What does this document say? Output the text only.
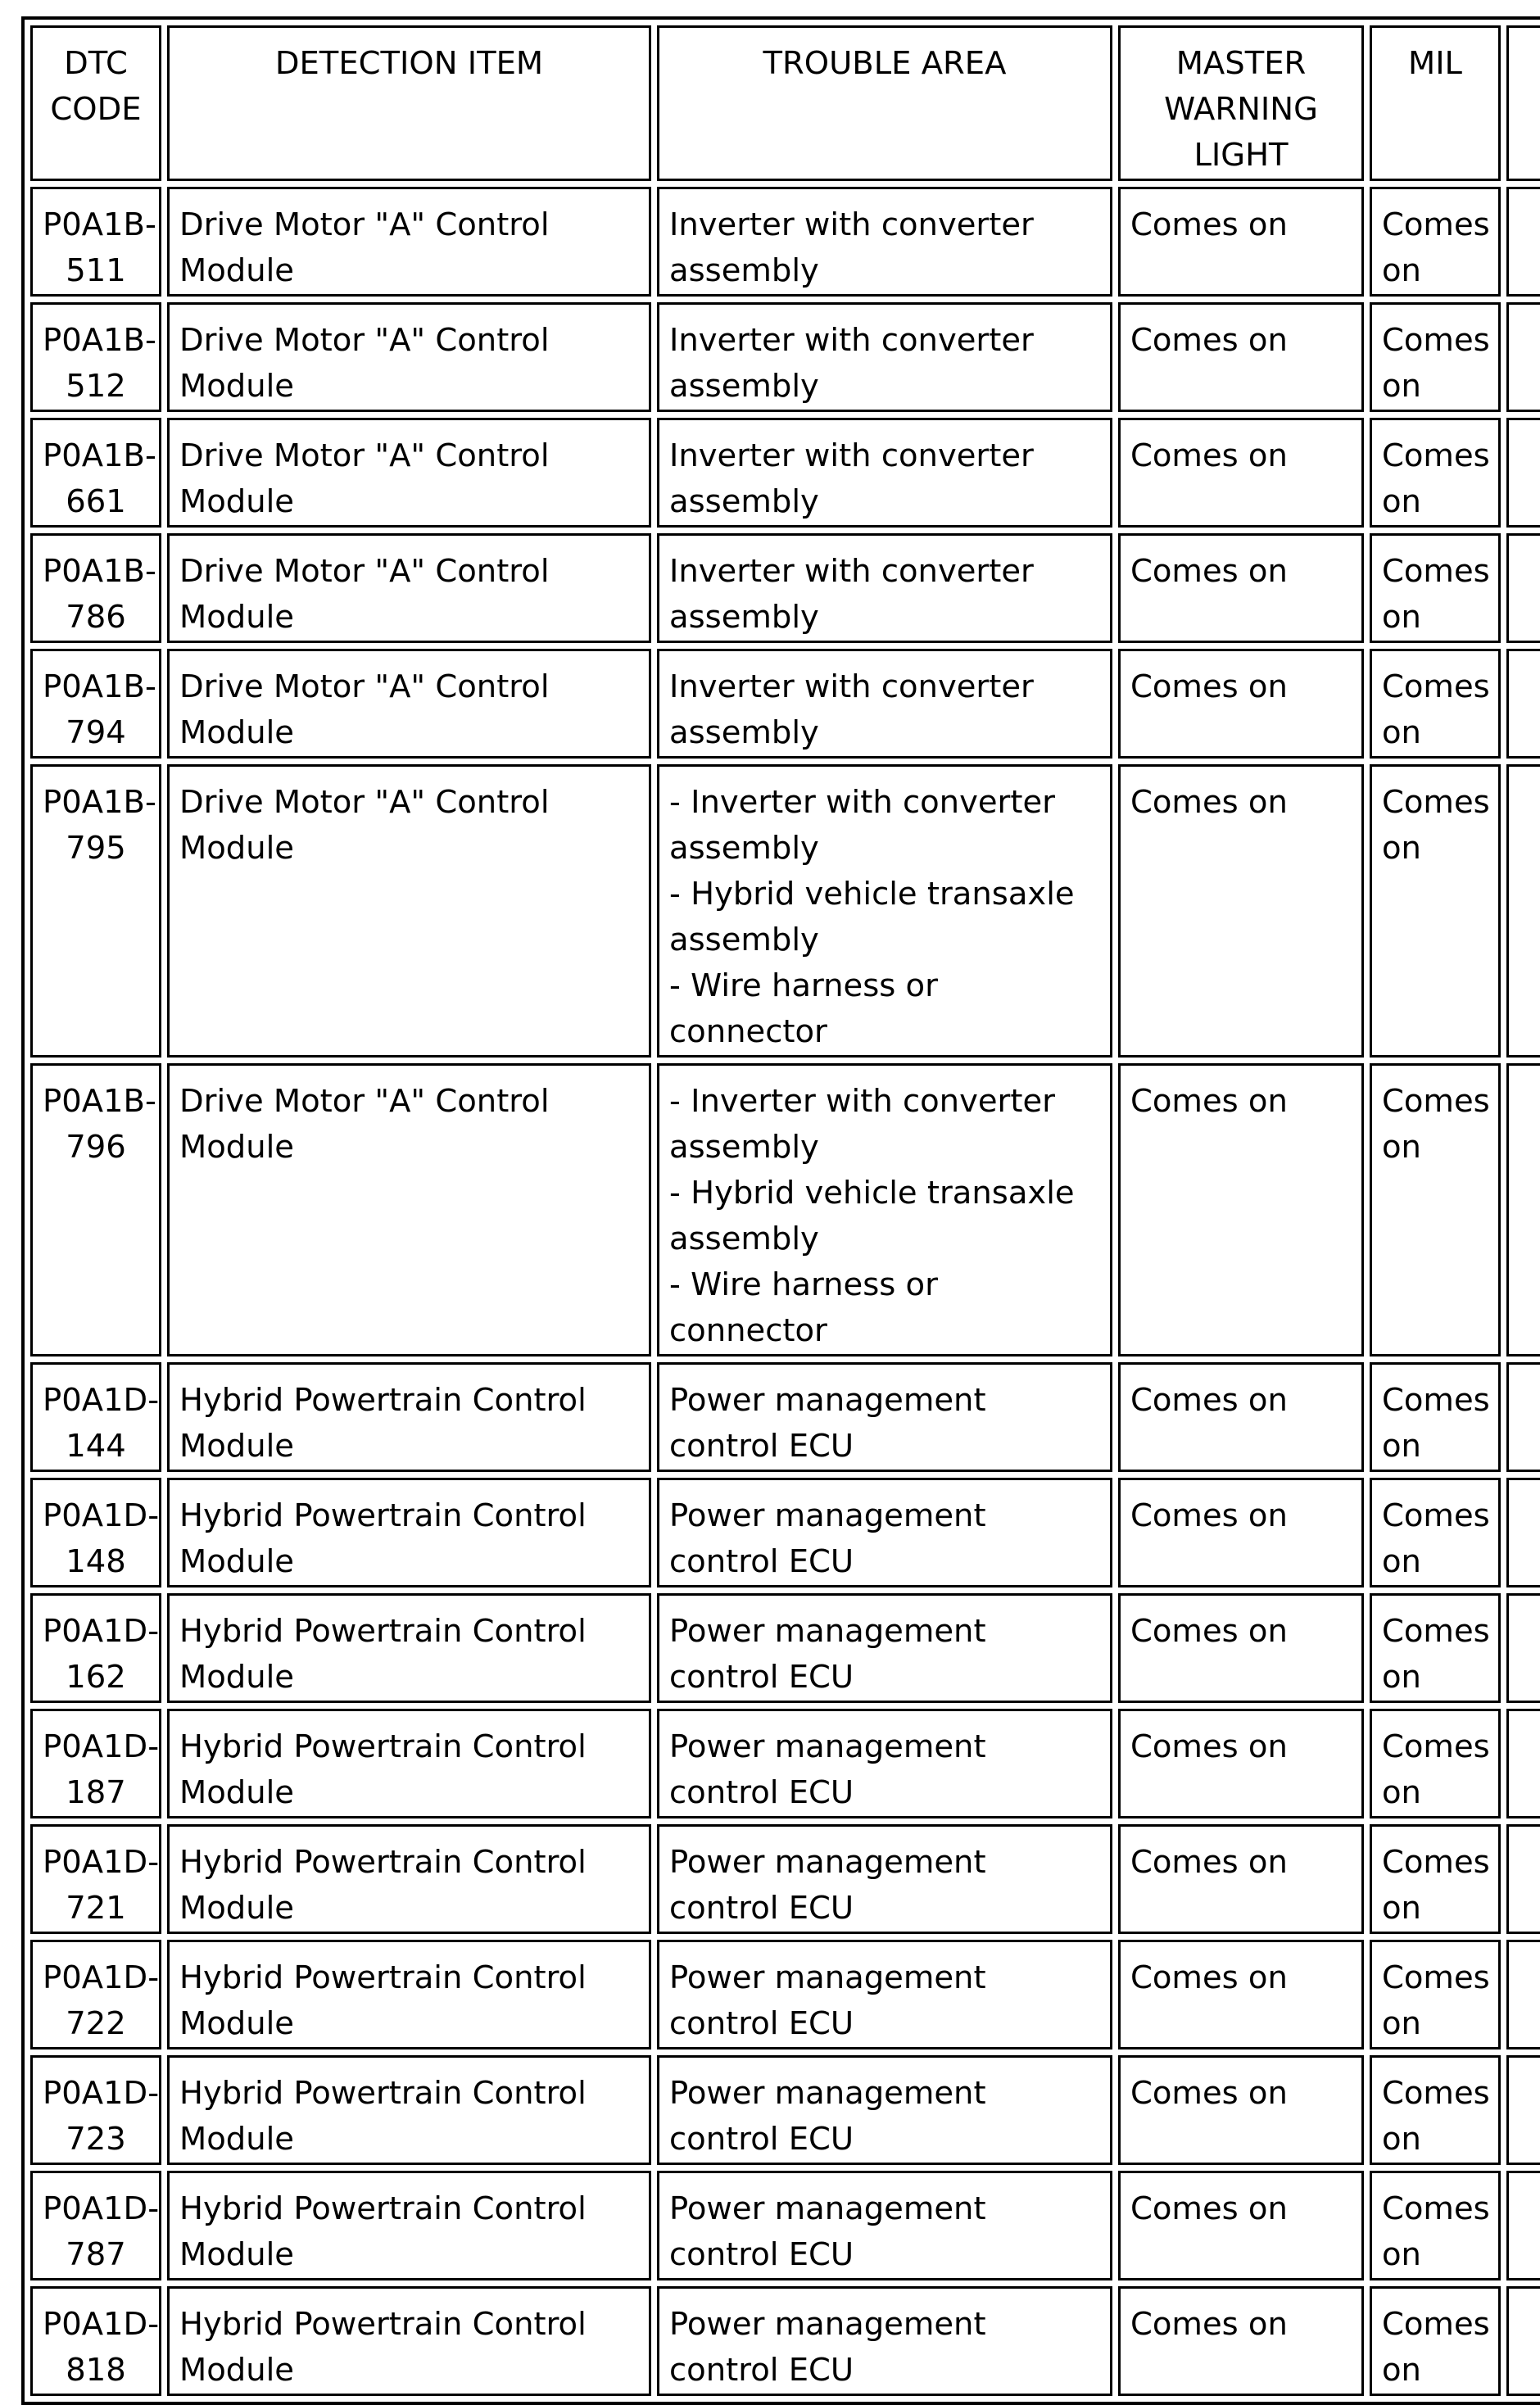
DTC CODE	DETECTION ITEM	TROUBLE AREA	MASTER WARNING LIGHT	MIL	
P0A1B-511	Drive Motor "A" Control Module	Inverter with converter assembly	Comes on	Comes on	
P0A1B-512	Drive Motor "A" Control Module	Inverter with converter assembly	Comes on	Comes on	
P0A1B-661	Drive Motor "A" Control Module	Inverter with converter assembly	Comes on	Comes on	
P0A1B-786	Drive Motor "A" Control Module	Inverter with converter assembly	Comes on	Comes on	
P0A1B-794	Drive Motor "A" Control Module	Inverter with converter assembly	Comes on	Comes on	
P0A1B-795	Drive Motor "A" Control Module	- Inverter with converter assembly
- Hybrid vehicle transaxle assembly
- Wire harness or connector	Comes on	Comes on	
P0A1B-796	Drive Motor "A" Control Module	- Inverter with converter assembly
- Hybrid vehicle transaxle assembly
- Wire harness or connector	Comes on	Comes on	
P0A1D-144	Hybrid Powertrain Control Module	Power management control ECU	Comes on	Comes on	
P0A1D-148	Hybrid Powertrain Control Module	Power management control ECU	Comes on	Comes on	
P0A1D-162	Hybrid Powertrain Control Module	Power management control ECU	Comes on	Comes on	
P0A1D-187	Hybrid Powertrain Control Module	Power management control ECU	Comes on	Comes on	
P0A1D-721	Hybrid Powertrain Control Module	Power management control ECU	Comes on	Comes on	
P0A1D-722	Hybrid Powertrain Control Module	Power management control ECU	Comes on	Comes on	
P0A1D-723	Hybrid Powertrain Control Module	Power management control ECU	Comes on	Comes on	
P0A1D-787	Hybrid Powertrain Control Module	Power management control ECU	Comes on	Comes on	
P0A1D-818	Hybrid Powertrain Control Module	Power management control ECU	Comes on	Comes on	
